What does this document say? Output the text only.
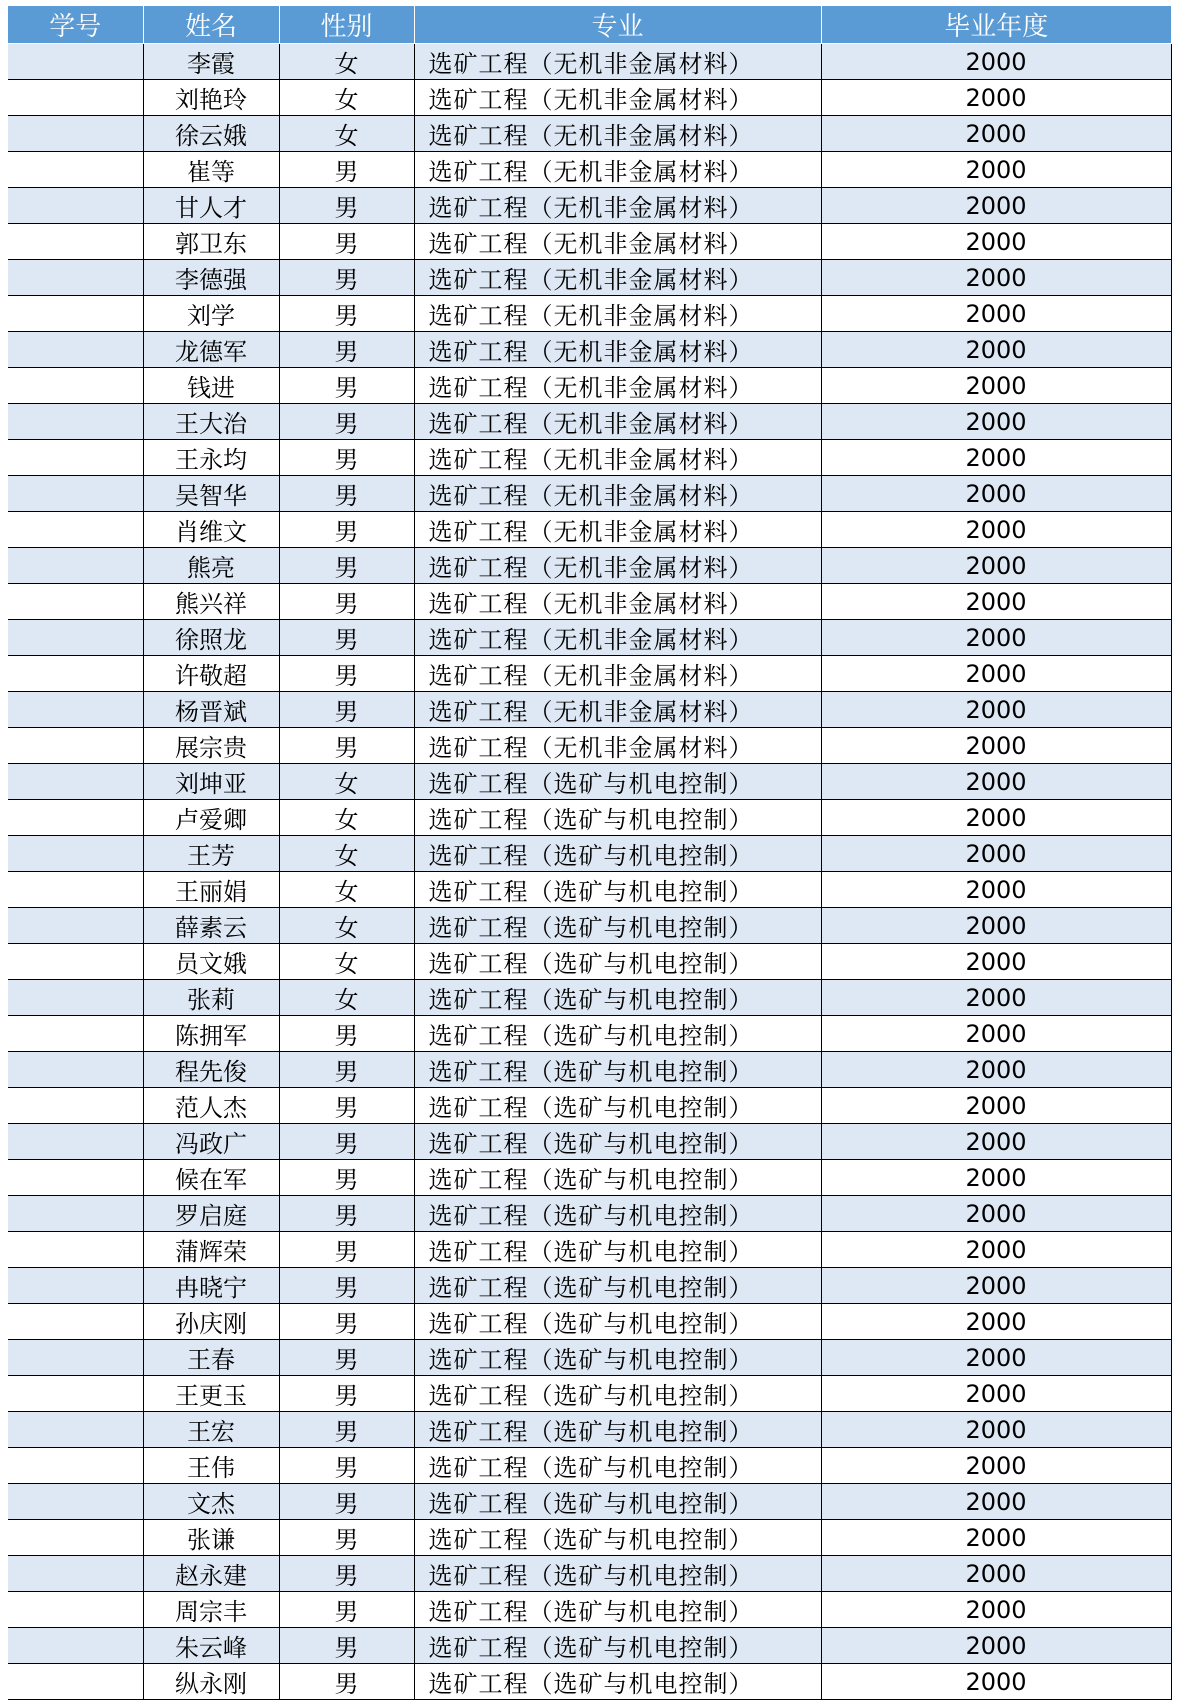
学号	姓名	性别	专业	毕业年度
	李霞	女	选矿工程（无机非金属材料）	2000
	刘艳玲	女	选矿工程（无机非金属材料）	2000
	徐云娥	女	选矿工程（无机非金属材料）	2000
	崔等	男	选矿工程（无机非金属材料）	2000
	甘人才	男	选矿工程（无机非金属材料）	2000
	郭卫东	男	选矿工程（无机非金属材料）	2000
	李德强	男	选矿工程（无机非金属材料）	2000
	刘学	男	选矿工程（无机非金属材料）	2000
	龙德军	男	选矿工程（无机非金属材料）	2000
	钱进	男	选矿工程（无机非金属材料）	2000
	王大治	男	选矿工程（无机非金属材料）	2000
	王永均	男	选矿工程（无机非金属材料）	2000
	吴智华	男	选矿工程（无机非金属材料）	2000
	肖维文	男	选矿工程（无机非金属材料）	2000
	熊亮	男	选矿工程（无机非金属材料）	2000
	熊兴祥	男	选矿工程（无机非金属材料）	2000
	徐照龙	男	选矿工程（无机非金属材料）	2000
	许敬超	男	选矿工程（无机非金属材料）	2000
	杨晋斌	男	选矿工程（无机非金属材料）	2000
	展宗贵	男	选矿工程（无机非金属材料）	2000
	刘坤亚	女	选矿工程（选矿与机电控制）	2000
	卢爱卿	女	选矿工程（选矿与机电控制）	2000
	王芳	女	选矿工程（选矿与机电控制）	2000
	王丽娟	女	选矿工程（选矿与机电控制）	2000
	薛素云	女	选矿工程（选矿与机电控制）	2000
	员文娥	女	选矿工程（选矿与机电控制）	2000
	张莉	女	选矿工程（选矿与机电控制）	2000
	陈拥军	男	选矿工程（选矿与机电控制）	2000
	程先俊	男	选矿工程（选矿与机电控制）	2000
	范人杰	男	选矿工程（选矿与机电控制）	2000
	冯政广	男	选矿工程（选矿与机电控制）	2000
	候在军	男	选矿工程（选矿与机电控制）	2000
	罗启庭	男	选矿工程（选矿与机电控制）	2000
	蒲辉荣	男	选矿工程（选矿与机电控制）	2000
	冉晓宁	男	选矿工程（选矿与机电控制）	2000
	孙庆刚	男	选矿工程（选矿与机电控制）	2000
	王春	男	选矿工程（选矿与机电控制）	2000
	王更玉	男	选矿工程（选矿与机电控制）	2000
	王宏	男	选矿工程（选矿与机电控制）	2000
	王伟	男	选矿工程（选矿与机电控制）	2000
	文杰	男	选矿工程（选矿与机电控制）	2000
	张谦	男	选矿工程（选矿与机电控制）	2000
	赵永建	男	选矿工程（选矿与机电控制）	2000
	周宗丰	男	选矿工程（选矿与机电控制）	2000
	朱云峰	男	选矿工程（选矿与机电控制）	2000
	纵永刚	男	选矿工程（选矿与机电控制）	2000
